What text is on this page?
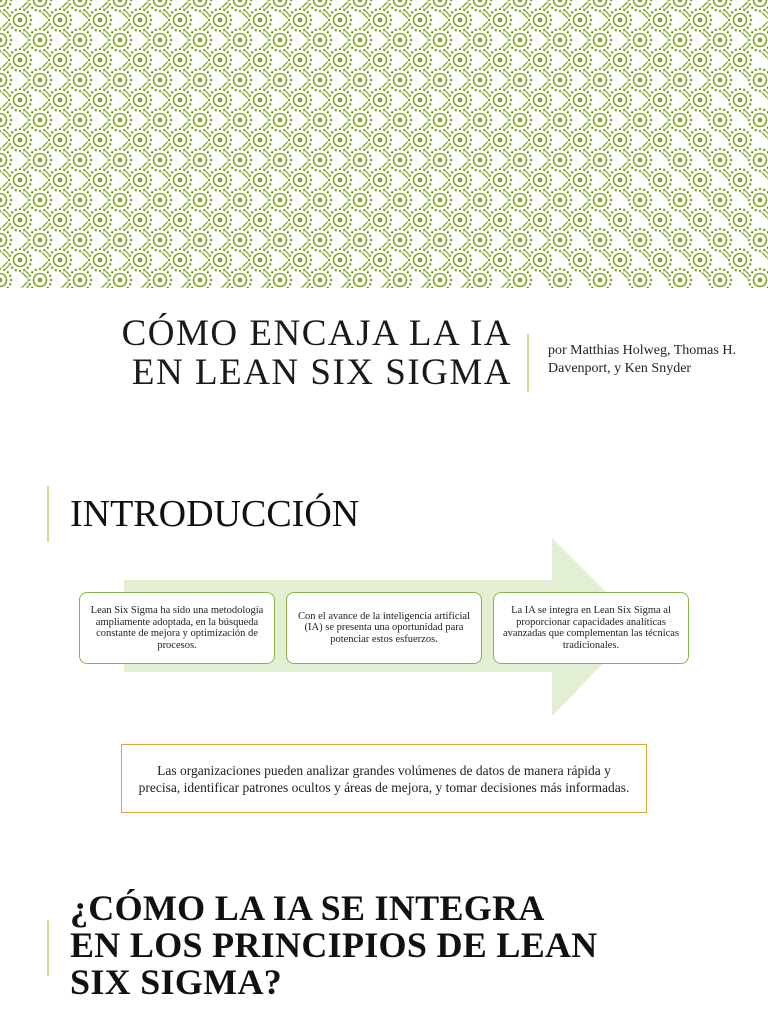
CÓMO ENCAJA LA IA
EN LEAN SIX SIGMA
por Matthias Holweg, Thomas H. Davenport, y Ken Snyder
INTRODUCCIÓN
Lean Six Sigma ha sido una metodología ampliamente adoptada, en la búsqueda constante de mejora y optimización de procesos.
Con el avance de la inteligencia artificial (IA) se presenta una oportunidad para potenciar estos esfuerzos.
La IA se integra en Lean Six Sigma al proporcionar capacidades analíticas avanzadas que complementan las técnicas tradicionales.
Las organizaciones pueden analizar grandes volúmenes de datos de manera rápida y precisa, identificar patrones ocultos y áreas de mejora, y tomar decisiones más informadas.
¿CÓMO LA IA SE INTEGRA
EN LOS PRINCIPIOS DE LEAN
SIX SIGMA?
